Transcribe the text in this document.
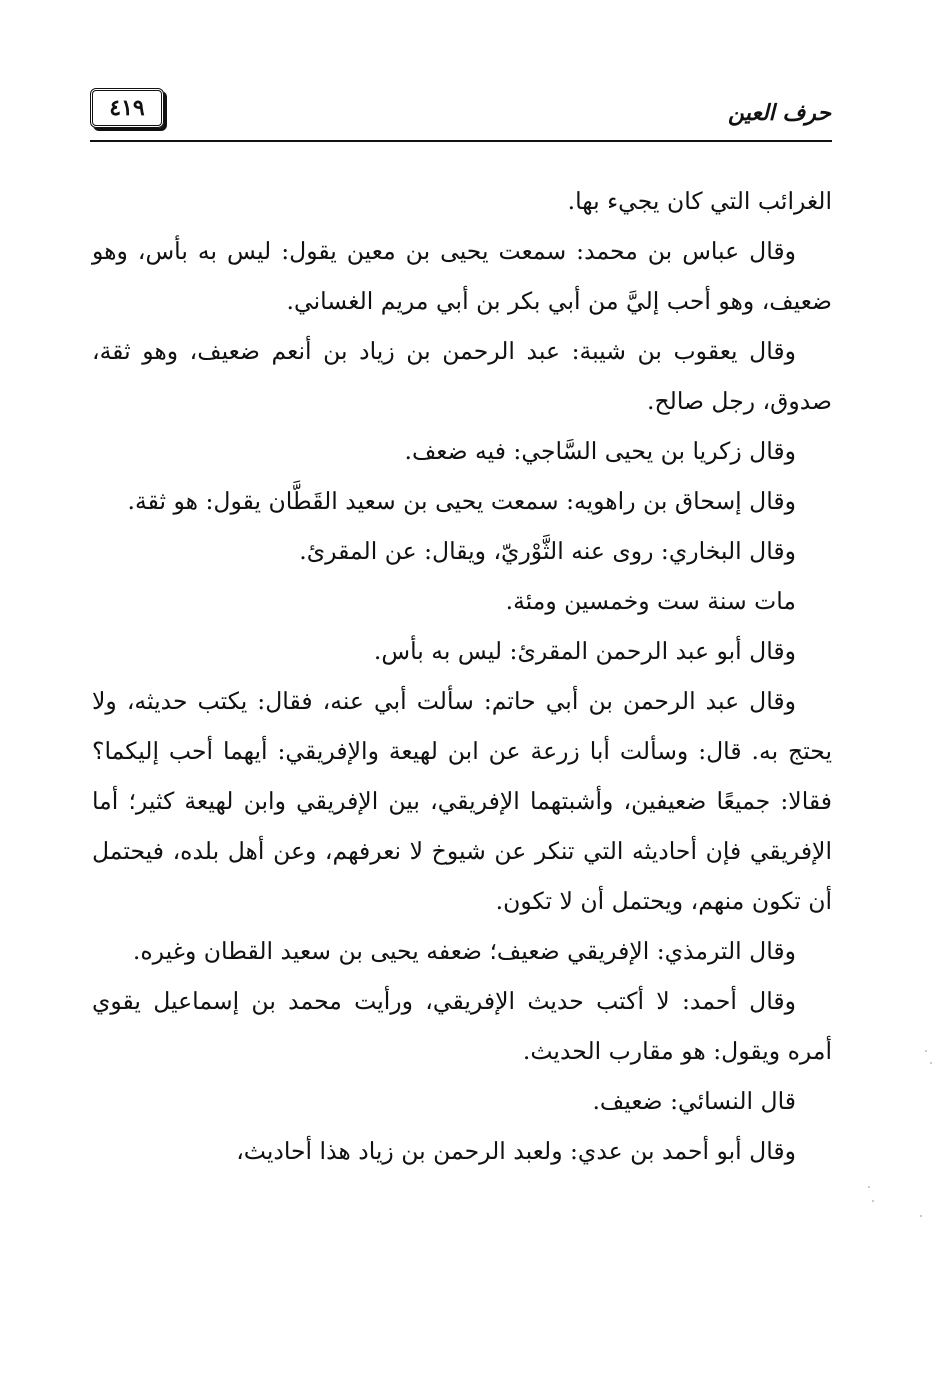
٤١٩	حرف العين

الغرائب التي كان يجيء بها.

وقال عباس بن محمد: سمعت يحيى بن معين يقول: ليس به بأس، وهو ضعيف، وهو أحب إليَّ من أبي بكر بن أبي مريم الغساني.

وقال يعقوب بن شيبة: عبد الرحمن بن زياد بن أنعم ضعيف، وهو ثقة، صدوق، رجل صالح.

وقال زكريا بن يحيى السَّاجي: فيه ضعف.

وقال إسحاق بن راهويه: سمعت يحيى بن سعيد القَطَّان يقول: هو ثقة.

وقال البخاري: روى عنه الثَّوْريّ، ويقال: عن المقرئ.

مات سنة ست وخمسين ومئة.

وقال أبو عبد الرحمن المقرئ: ليس به بأس.

وقال عبد الرحمن بن أبي حاتم: سألت أبي عنه، فقال: يكتب حديثه، ولا يحتج به. قال: وسألت أبا زرعة عن ابن لهيعة والإفريقي: أيهما أحب إليكما؟ فقالا: جميعًا ضعيفين، وأشبتهما الإفريقي، بين الإفريقي وابن لهيعة كثير؛ أما الإفريقي فإن أحاديثه التي تنكر عن شيوخ لا نعرفهم، وعن أهل بلده، فيحتمل أن تكون منهم، ويحتمل أن لا تكون.

وقال الترمذي: الإفريقي ضعيف؛ ضعفه يحيى بن سعيد القطان وغيره.

وقال أحمد: لا أكتب حديث الإفريقي، ورأيت محمد بن إسماعيل يقوي أمره ويقول: هو مقارب الحديث.

قال النسائي: ضعيف.

وقال أبو أحمد بن عدي: ولعبد الرحمن بن زياد هذا أحاديث،
